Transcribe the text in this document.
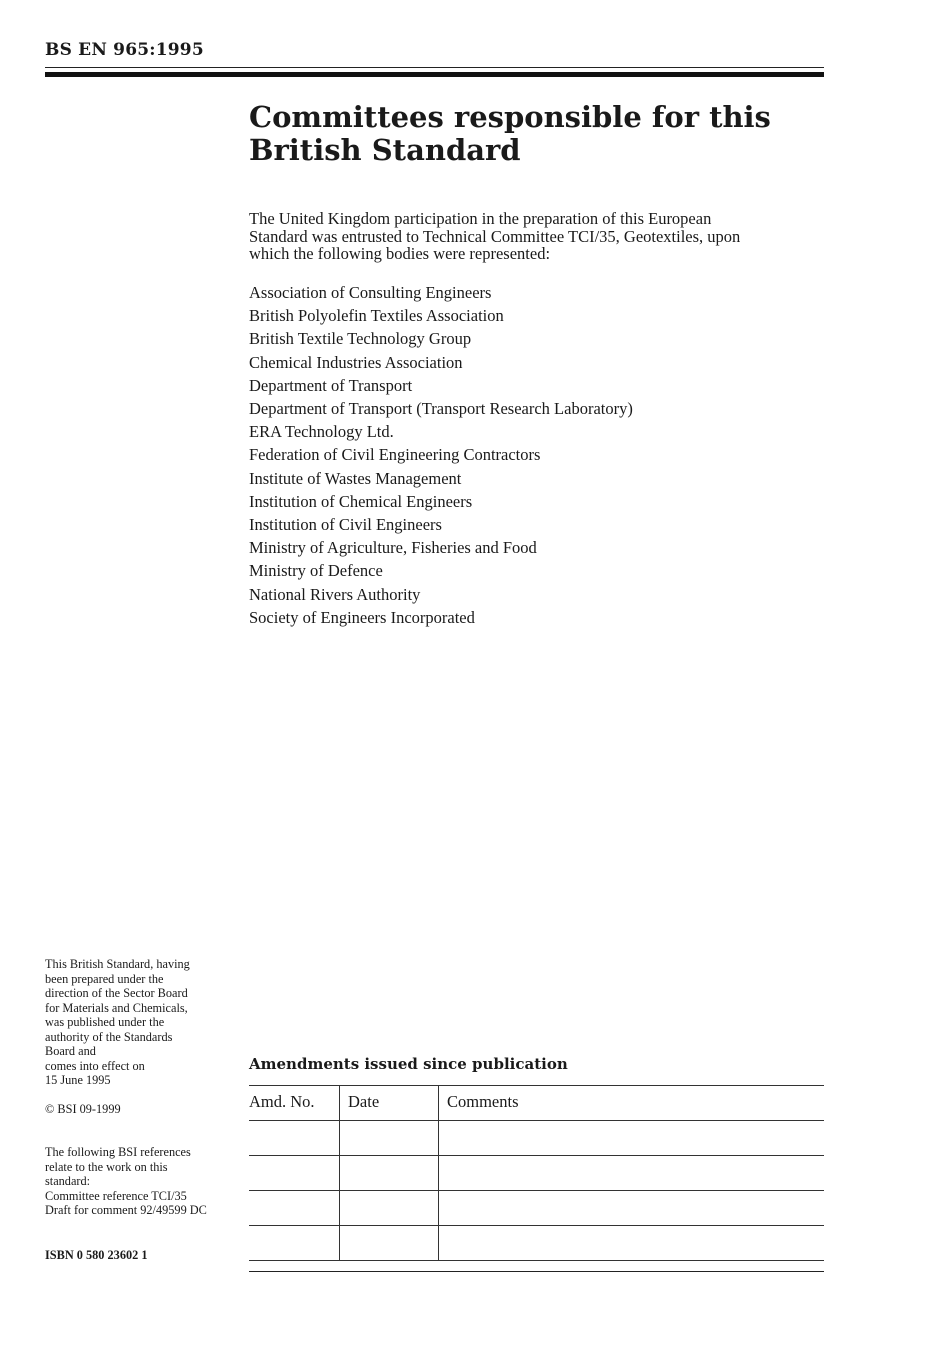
BS EN 965:1995
Committees responsible for this
British Standard
The United Kingdom participation in the preparation of this European
Standard was entrusted to Technical Committee TCI/35, Geotextiles, upon
which the following bodies were represented:
Association of Consulting Engineers
British Polyolefin Textiles Association
British Textile Technology Group
Chemical Industries Association
Department of Transport
Department of Transport (Transport Research Laboratory)
ERA Technology Ltd.
Federation of Civil Engineering Contractors
Institute of Wastes Management
Institution of Chemical Engineers
Institution of Civil Engineers
Ministry of Agriculture, Fisheries and Food
Ministry of Defence
National Rivers Authority
Society of Engineers Incorporated
This British Standard, having
been prepared under the
direction of the Sector Board
for Materials and Chemicals,
was published under the
authority of the Standards
Board and
comes into effect on
15 June 1995
© BSI 09-1999
The following BSI references
relate to the work on this
standard:
Committee reference TCI/35
Draft for comment 92/49599 DC
ISBN 0 580 23602 1
Amendments issued since publication
Amd. No.	Date	Comments
